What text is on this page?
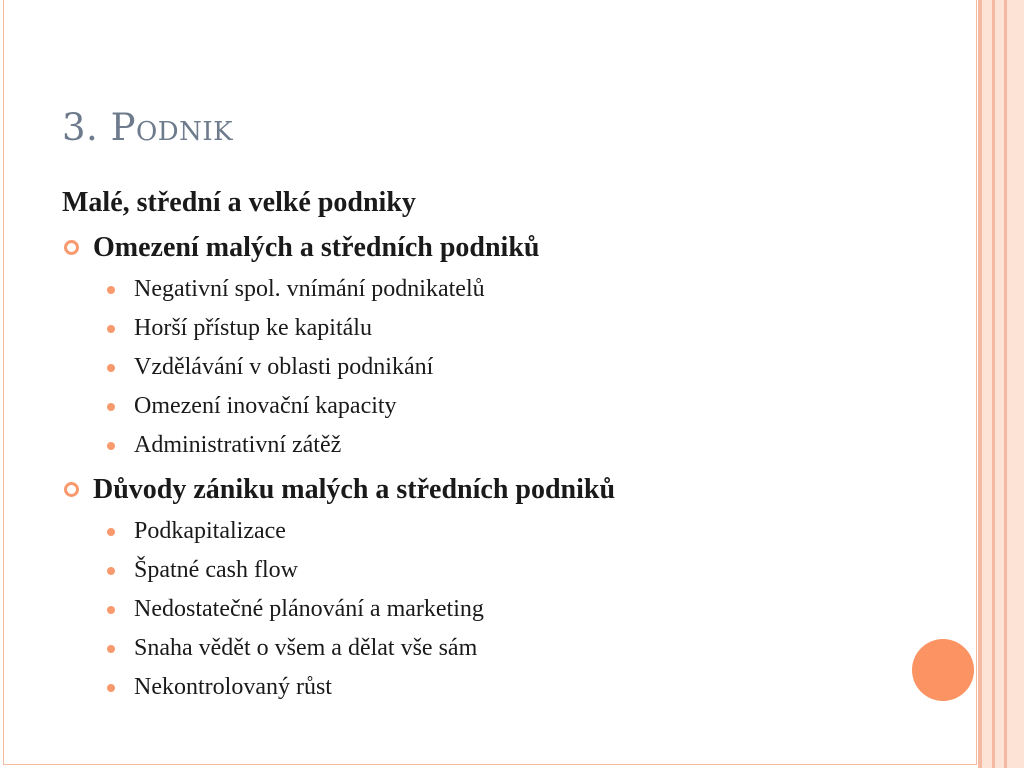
3. Podnik
Malé, střední a velké podniky
Omezení malých a středních podniků
Negativní spol. vnímání podnikatelů
Horší přístup ke kapitálu
Vzdělávání v oblasti podnikání
Omezení inovační kapacity
Administrativní zátěž
Důvody zániku malých a středních podniků
Podkapitalizace
Špatné cash flow
Nedostatečné plánování a marketing
Snaha vědět o všem a dělat vše sám
Nekontrolovaný růst
